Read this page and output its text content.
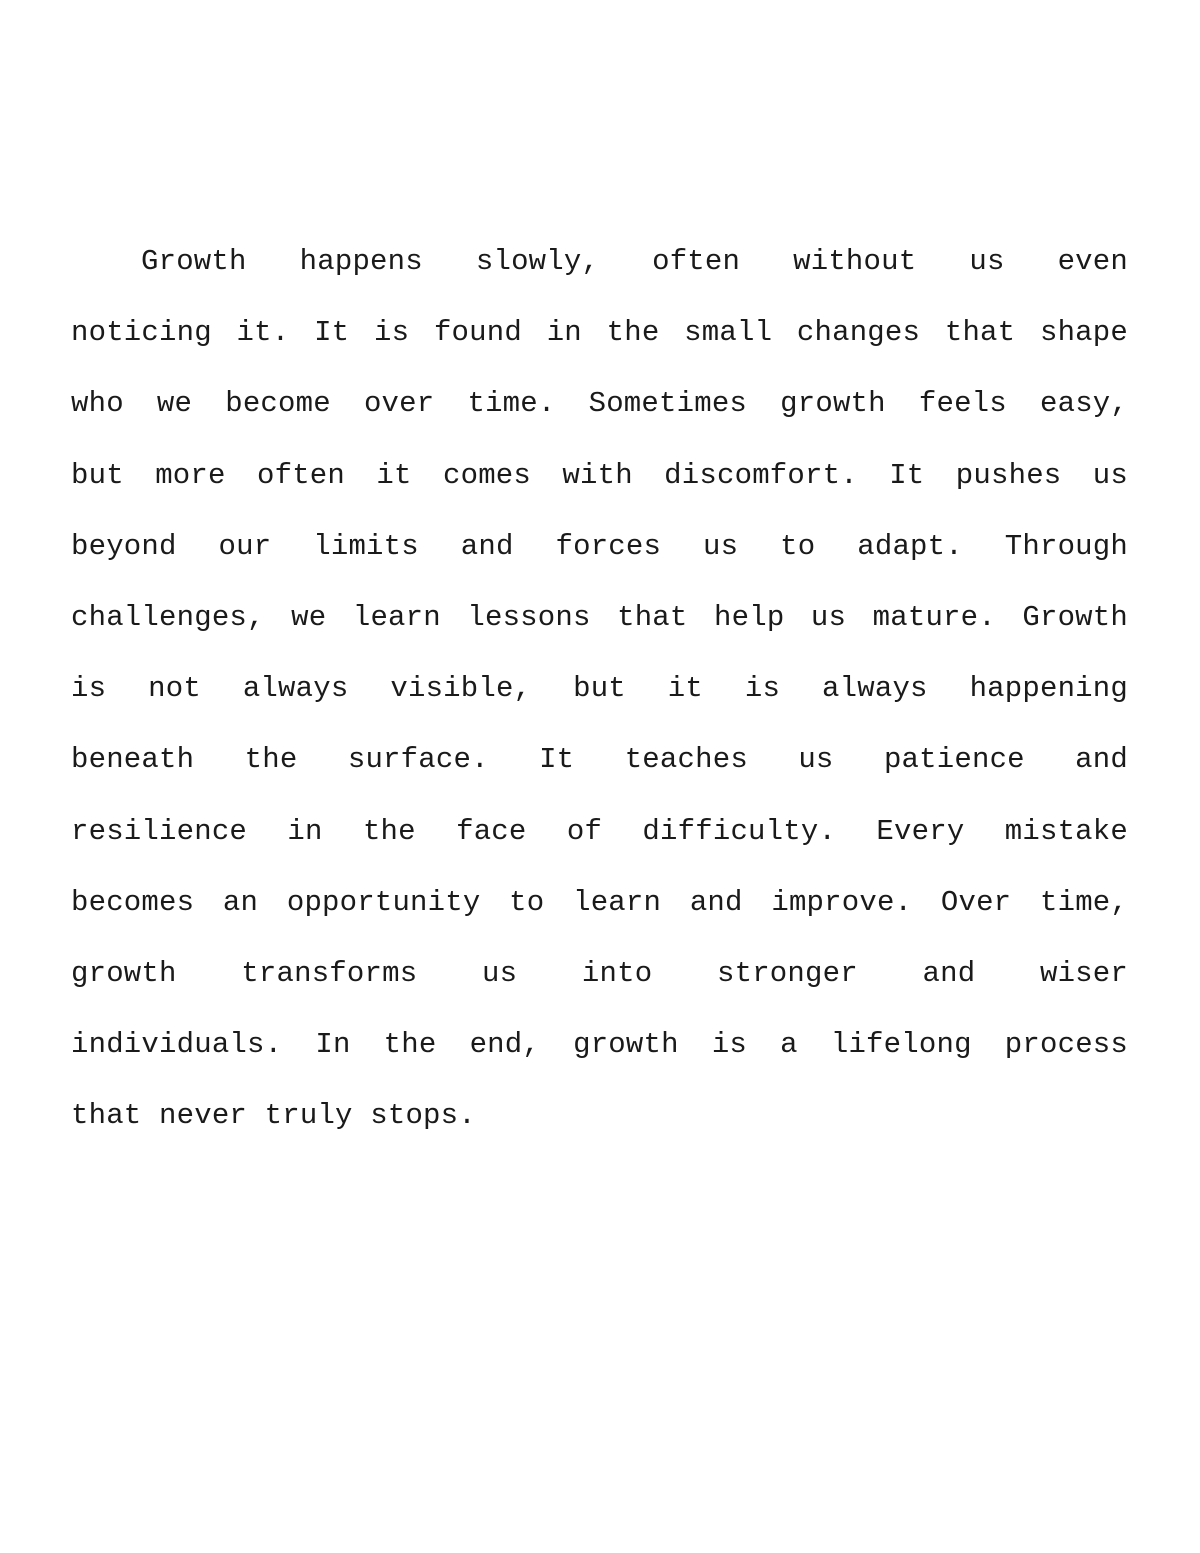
Growth happens slowly, often without us even
noticing it. It is found in the small changes that shape
who we become over time. Sometimes growth feels easy,
but more often it comes with discomfort. It pushes us
beyond our limits and forces us to adapt. Through
challenges, we learn lessons that help us mature. Growth
is not always visible, but it is always happening
beneath the surface. It teaches us patience and
resilience in the face of difficulty. Every mistake
becomes an opportunity to learn and improve. Over time,
growth transforms us into stronger and wiser
individuals. In the end, growth is a lifelong process
that never truly stops.
